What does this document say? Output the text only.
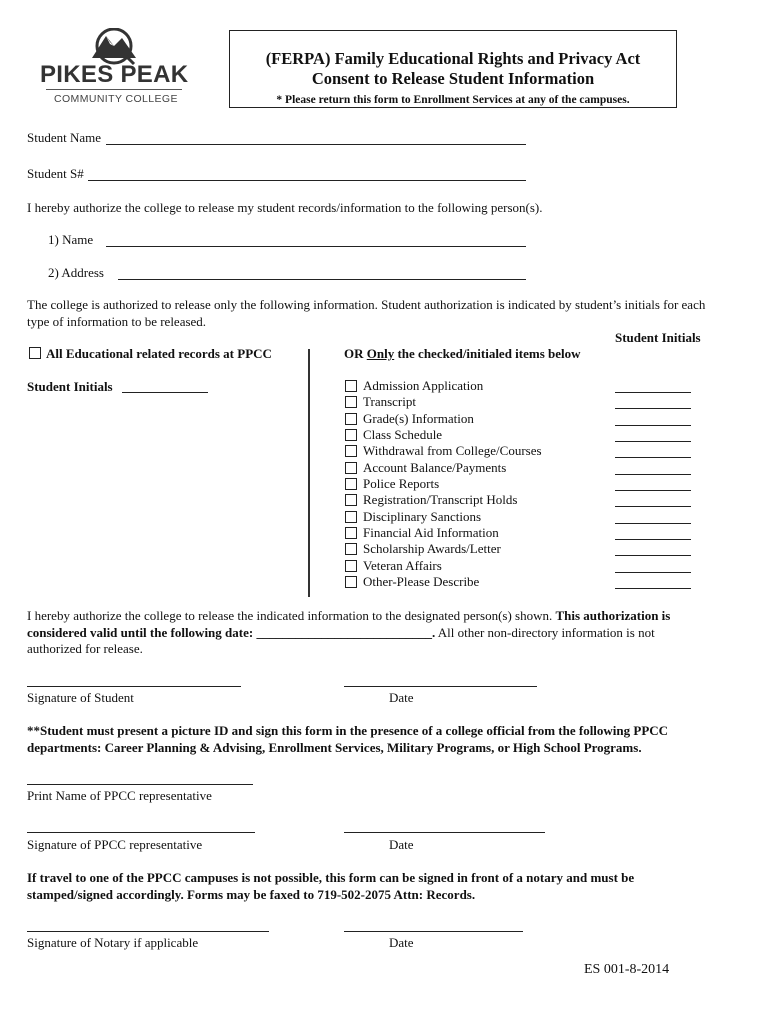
PIKES PEAK
COMMUNITY COLLEGE
(FERPA) Family Educational Rights and Privacy Act
Consent to Release Student Information
* Please return this form to Enrollment Services at any of the campuses.
Student Name
Student S#
I hereby authorize the college to release my student records/information to the following person(s).
1) Name
2) Address
The college is authorized to release only the following information. Student authorization is indicated by student’s initials for each
type of information to be released.
Student Initials
All Educational related records at PPCC
Student Initials
OR Only the checked/initialed items below
Admission Application
Transcript
Grade(s) Information
Class Schedule
Withdrawal from College/Courses
Account Balance/Payments
Police Reports
Registration/Transcript Holds
Disciplinary Sanctions
Financial Aid Information
Scholarship Awards/Letter
Veteran Affairs
Other-Please Describe
I hereby authorize the college to release the indicated information to the designated person(s) shown. This authorization is
considered valid until the following date: ___________________________. All other non-directory information is not
authorized for release.
Signature of Student	Date
**Student must present a picture ID and sign this form in the presence of a college official from the following PPCC
departments: Career Planning & Advising, Enrollment Services, Military Programs, or High School Programs.
Print Name of PPCC representative
Signature of PPCC representative	Date
If travel to one of the PPCC campuses is not possible, this form can be signed in front of a notary and must be
stamped/signed accordingly. Forms may be faxed to 719-502-2075 Attn: Records.
Signature of Notary if applicable	Date
ES 001-8-2014
